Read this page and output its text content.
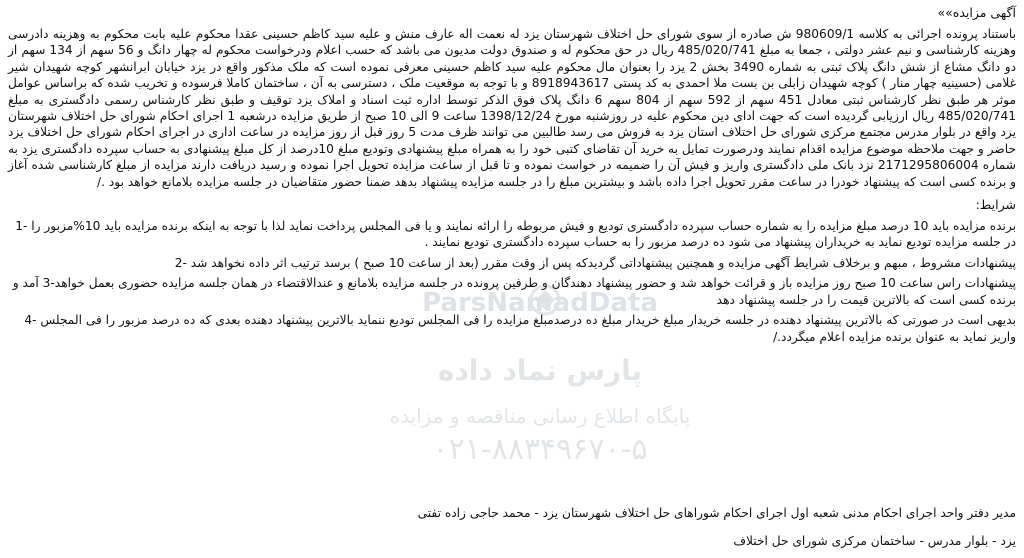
آگهی مزایده»»

باستناد پرونده اجرائی به کلاسه 980609/1 ش صادره از سوی شورای حل اختلاف شهرستان یزد له نعمت اله عارف منش و علیه سید کاظم حسینی عقدا محکوم علیه بابت محکوم به وهزینه دادرسی وهزینه کارشناسی و نیم عشر دولتی ، جمعا به مبلغ 485/020/741 ریال در حق محکوم له و صندوق دولت مدیون می باشد که حسب اعلام ودرخواست محکوم له چهار دانگ و 56 سهم از 134 سهم از دو دانگ مشاع از شش دانگ پلاک ثبتی به شماره 3490 بخش 2 یزد را بعنوان مال محکوم علیه سید کاظم حسینی معرفی نموده است که ملک مذکور واقع در یزد خیابان ابرانشهر کوچه شهیدان شیر غلامی (حسینیه چهار منار ) کوچه شهیدان زابلی بن بست ملا احمدی به کد پستی 8918943617 و با توجه به موقعیت ملک ، دسترسی به آن ، ساختمان کاملا فرسوده و تخریب شده که براساس عوامل موثر هر طبق نظر کارشناس ثبتی معادل 451 سهم از 592 سهم از 804 سهم 6 دانگ پلاک فوق الذکر توسط اداره ثبت اسناد و املاک یزد توقیف و طبق نظر کارشناس رسمی دادگستری به مبلغ 485/020/741 ریال ارزیابی گردیده است که جهت ادای دین محکوم علیه در روزشنبه مورخ 1398/12/24 ساعت 9 الی 10 صبح از طریق مزایده درشعبه 1 اجرای احکام شورای حل اختلاف شهرستان یزد واقع در بلوار مدرس مجتمع مرکزی شورای حل اختلاف استان یزد به فروش می رسد طالبین می توانند ظرف مدت 5 روز قبل از روز مزایده در ساعت اداری در اجرای احکام شورای حل اختلاف یزد حاضر و جهت ملاحظه موضوع مزایده اقدام نمایند ودرصورت تمایل به خرید آن تقاضای کتبی خود را به همراه مبلغ پیشنهادی وتودیع مبلغ 10درصد از کل مبلغ پیشنهادی به حساب سپرده دادگستری یزد به شماره 2171295806004 نزد بانک ملی دادگستری واریز و فیش آن را ضمیمه در خواست نموده و تا قبل از ساعت مزایده تحویل اجرا نموده و رسید دریافت دارند مزایده از مبلغ کارشناسی شده آغاز و برنده کسی است که پیشنهاد خودرا در ساعت مقرر تحویل اجرا داده باشد و بیشترین مبلغ را در جلسه مزایده پیشنهاد بدهد ضمنا حضور متقاضیان در جلسه مزایده بلامانع خواهد بود ./

شرایط:

برنده مزایده باید 10 درصد مبلغ مزایده را به شماره حساب سپرده دادگستری تودیع و فیش مربوطه را ارائه نمایند و یا فی المجلس پرداخت نماید لذا با توجه به اینکه برنده مزایده باید 10%مزبور را -1 در جلسه مزایده تودیع نماید به خریداران پیشنهاد می شود ده درصد مزبور را به حساب سپرده دادگستری تودیع نمایند .

پیشنهادات مشروط ، مبهم و برخلاف شرایط آگهی مزایده و همچنین پیشنهاداتی گردیدکه پس از وقت مقرر (بعد از ساعت 10 صبح ) برسد ترتیب اثر داده نخواهد شد -2

پیشنهادات راس ساعت 10 صبح روز مزایده باز و قرائت خواهد شد و حضور پیشنهاد دهندگان و طرفین پرونده در جلسه مزایده بلامانع و عندالاقتضاء در همان جلسه مزایده حضوری بعمل خواهد-3 آمد و برنده کسی است که بالاترین قیمت را در جلسه پیشنهاد دهد

بدیهی است در صورتی که بالاترین پیشنهاد دهنده در جلسه خریدار مبلغ خریدار مبلغ ده درصدمبلغ مزایده را فی المجلس تودیع ننماید بالاترین پیشنهاد دهنده بعدی که ده درصد مزبور را فی المجلس -4 واریز نماید به عنوان برنده مزایده اعلام میگردد./

مدیر دفتر واحد اجرای احکام مدنی شعبه اول اجرای احکام شوراهای حل اختلاف شهرستان یزد - محمد حاجی زاده تفتی
یزد - بلوار مدرس - ساختمان مرکزی شورای حل اختلاف
ParsNamadData
پارس نماد داده
پایگاه اطلاع رسانی مناقصه و مزایده
۰۲۱-۸۸۳۴۹۶۷۰-۵
